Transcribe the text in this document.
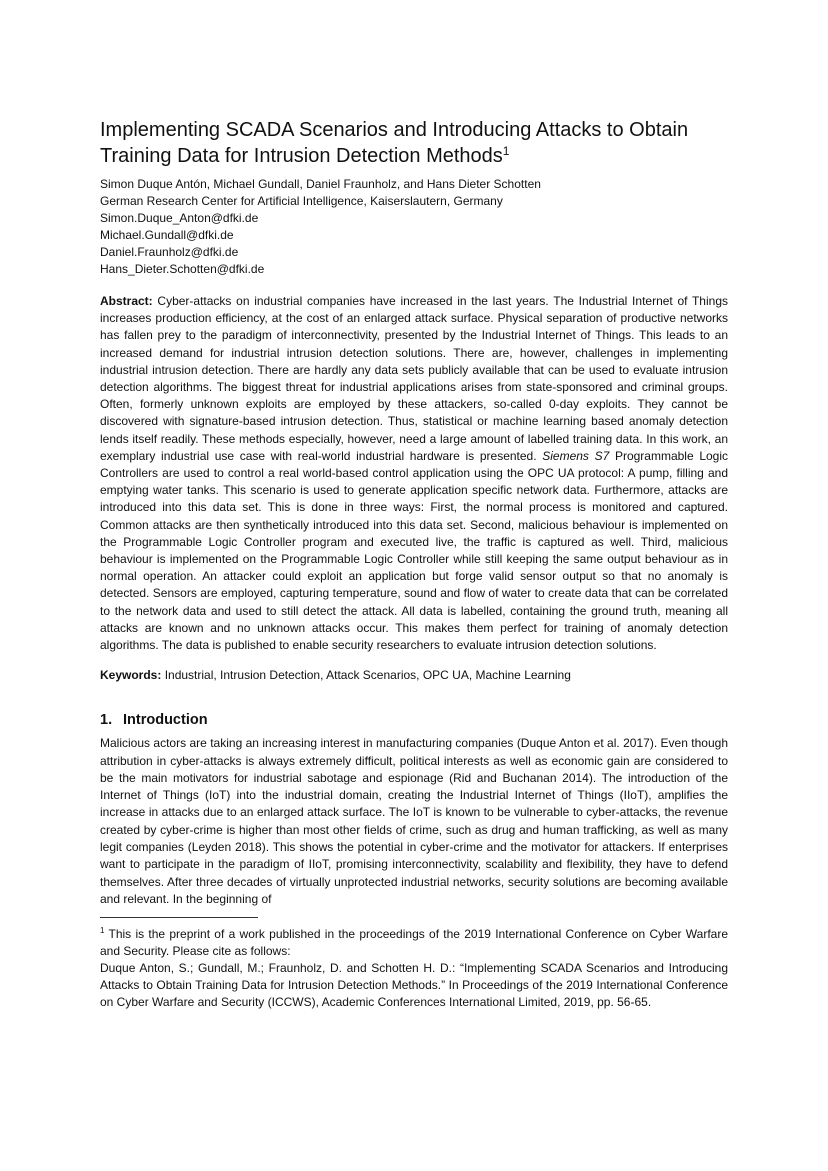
Implementing SCADA Scenarios and Introducing Attacks to Obtain Training Data for Intrusion Detection Methods$^1$

Simon Duque Antón, Michael Gundall, Daniel Fraunholz, and Hans Dieter Schotten

German Research Center for Artificial Intelligence, Kaiserslautern, Germany

Simon.Duque_Anton@dfki.de

Michael.Gundall@dfki.de

Daniel.Fraunholz@dfki.de

Hans_Dieter.Schotten@dfki.de

Abstract: Cyber-attacks on industrial companies have increased in the last years. The Industrial Internet of Things increases production efficiency, at the cost of an enlarged attack surface. Physical separation of productive networks has fallen prey to the paradigm of interconnectivity, presented by the Industrial Internet of Things. This leads to an increased demand for industrial intrusion detection solutions. There are, however, challenges in implementing industrial intrusion detection. There are hardly any data sets publicly available that can be used to evaluate intrusion detection algorithms. The biggest threat for industrial applications arises from state-sponsored and criminal groups. Often, formerly unknown exploits are employed by these attackers, so-called 0-day exploits. They cannot be discovered with signature-based intrusion detection. Thus, statistical or machine learning based anomaly detection lends itself readily. These methods especially, however, need a large amount of labelled training data. In this work, an exemplary industrial use case with real-world industrial hardware is presented. Siemens S7 Programmable Logic Controllers are used to control a real world-based control application using the OPC UA protocol: A pump, filling and emptying water tanks. This scenario is used to generate application specific network data. Furthermore, attacks are introduced into this data set. This is done in three ways: First, the normal process is monitored and captured. Common attacks are then synthetically introduced into this data set. Second, malicious behaviour is implemented on the Programmable Logic Controller program and executed live, the traffic is captured as well. Third, malicious behaviour is implemented on the Programmable Logic Controller while still keeping the same output behaviour as in normal operation. An attacker could exploit an application but forge valid sensor output so that no anomaly is detected. Sensors are employed, capturing temperature, sound and flow of water to create data that can be correlated to the network data and used to still detect the attack. All data is labelled, containing the ground truth, meaning all attacks are known and no unknown attacks occur. This makes them perfect for training of anomaly detection algorithms. The data is published to enable security researchers to evaluate intrusion detection solutions.

Keywords: Industrial, Intrusion Detection, Attack Scenarios, OPC UA, Machine Learning

1. Introduction

Malicious actors are taking an increasing interest in manufacturing companies (Duque Anton et al. 2017). Even though attribution in cyber-attacks is always extremely difficult, political interests as well as economic gain are considered to be the main motivators for industrial sabotage and espionage (Rid and Buchanan 2014). The introduction of the Internet of Things (IoT) into the industrial domain, creating the Industrial Internet of Things (IIoT), amplifies the increase in attacks due to an enlarged attack surface. The IoT is known to be vulnerable to cyber-attacks, the revenue created by cyber-crime is higher than most other fields of crime, such as drug and human trafficking, as well as many legit companies (Leyden 2018). This shows the potential in cyber-crime and the motivator for attackers. If enterprises want to participate in the paradigm of IIoT, promising interconnectivity, scalability and flexibility, they have to defend themselves. After three decades of virtually unprotected industrial networks, security solutions are becoming available and relevant. In the beginning of

$^1$ This is the preprint of a work published in the proceedings of the 2019 International Conference on Cyber Warfare and Security. Please cite as follows:

Duque Anton, S.; Gundall, M.; Fraunholz, D. and Schotten H. D.: “Implementing SCADA Scenarios and Introducing Attacks to Obtain Training Data for Intrusion Detection Methods.” In Proceedings of the 2019 International Conference on Cyber Warfare and Security (ICCWS), Academic Conferences International Limited, 2019, pp. 56-65.
